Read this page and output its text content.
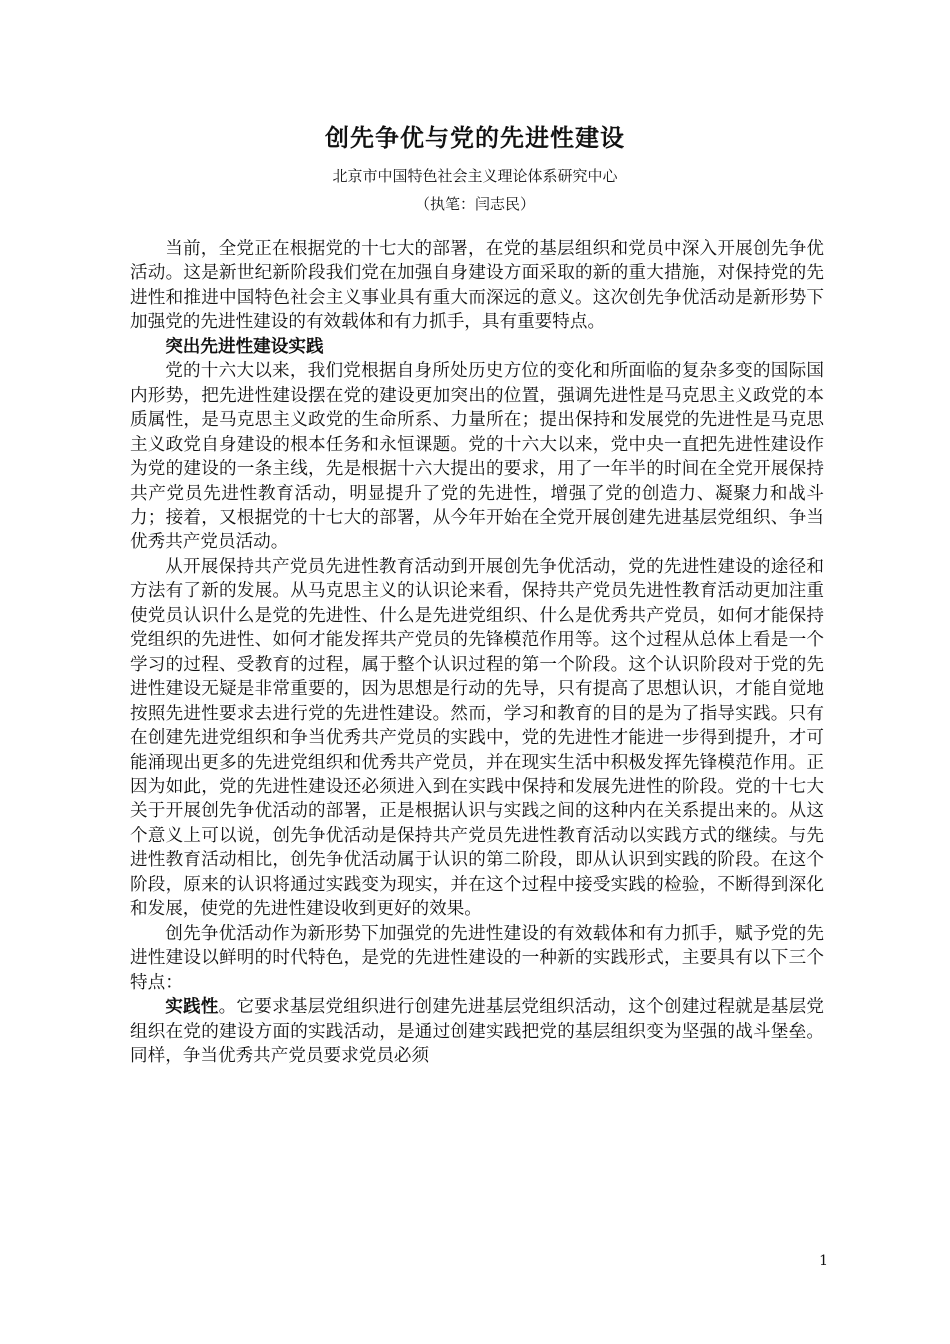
创先争优与党的先进性建设
北京市中国特色社会主义理论体系研究中心
（执笔：闫志民）

当前，全党正在根据党的十七大的部署，在党的基层组织和党员中深入开展创先争优活动。这是新世纪新阶段我们党在加强自身建设方面采取的新的重大措施，对保持党的先进性和推进中国特色社会主义事业具有重大而深远的意义。这次创先争优活动是新形势下加强党的先进性建设的有效载体和有力抓手，具有重要特点。

突出先进性建设实践

党的十六大以来，我们党根据自身所处历史方位的变化和所面临的复杂多变的国际国内形势，把先进性建设摆在党的建设更加突出的位置，强调先进性是马克思主义政党的本质属性，是马克思主义政党的生命所系、力量所在；提出保持和发展党的先进性是马克思主义政党自身建设的根本任务和永恒课题。党的十六大以来，党中央一直把先进性建设作为党的建设的一条主线，先是根据十六大提出的要求，用了一年半的时间在全党开展保持共产党员先进性教育活动，明显提升了党的先进性，增强了党的创造力、凝聚力和战斗力；接着，又根据党的十七大的部署，从今年开始在全党开展创建先进基层党组织、争当优秀共产党员活动。

从开展保持共产党员先进性教育活动到开展创先争优活动，党的先进性建设的途径和方法有了新的发展。从马克思主义的认识论来看，保持共产党员先进性教育活动更加注重使党员认识什么是党的先进性、什么是先进党组织、什么是优秀共产党员，如何才能保持党组织的先进性、如何才能发挥共产党员的先锋模范作用等。这个过程从总体上看是一个学习的过程、受教育的过程，属于整个认识过程的第一个阶段。这个认识阶段对于党的先进性建设无疑是非常重要的，因为思想是行动的先导，只有提高了思想认识，才能自觉地按照先进性要求去进行党的先进性建设。然而，学习和教育的目的是为了指导实践。只有在创建先进党组织和争当优秀共产党员的实践中，党的先进性才能进一步得到提升，才可能涌现出更多的先进党组织和优秀共产党员，并在现实生活中积极发挥先锋模范作用。正因为如此，党的先进性建设还必须进入到在实践中保持和发展先进性的阶段。党的十七大关于开展创先争优活动的部署，正是根据认识与实践之间的这种内在关系提出来的。从这个意义上可以说，创先争优活动是保持共产党员先进性教育活动以实践方式的继续。与先进性教育活动相比，创先争优活动属于认识的第二阶段，即从认识到实践的阶段。在这个阶段，原来的认识将通过实践变为现实，并在这个过程中接受实践的检验，不断得到深化和发展，使党的先进性建设收到更好的效果。

创先争优活动作为新形势下加强党的先进性建设的有效载体和有力抓手，赋予党的先进性建设以鲜明的时代特色，是党的先进性建设的一种新的实践形式，主要具有以下三个特点：

实践性。它要求基层党组织进行创建先进基层党组织活动，这个创建过程就是基层党组织在党的建设方面的实践活动，是通过创建实践把党的基层组织变为坚强的战斗堡垒。同样，争当优秀共产党员要求党员必须

1
